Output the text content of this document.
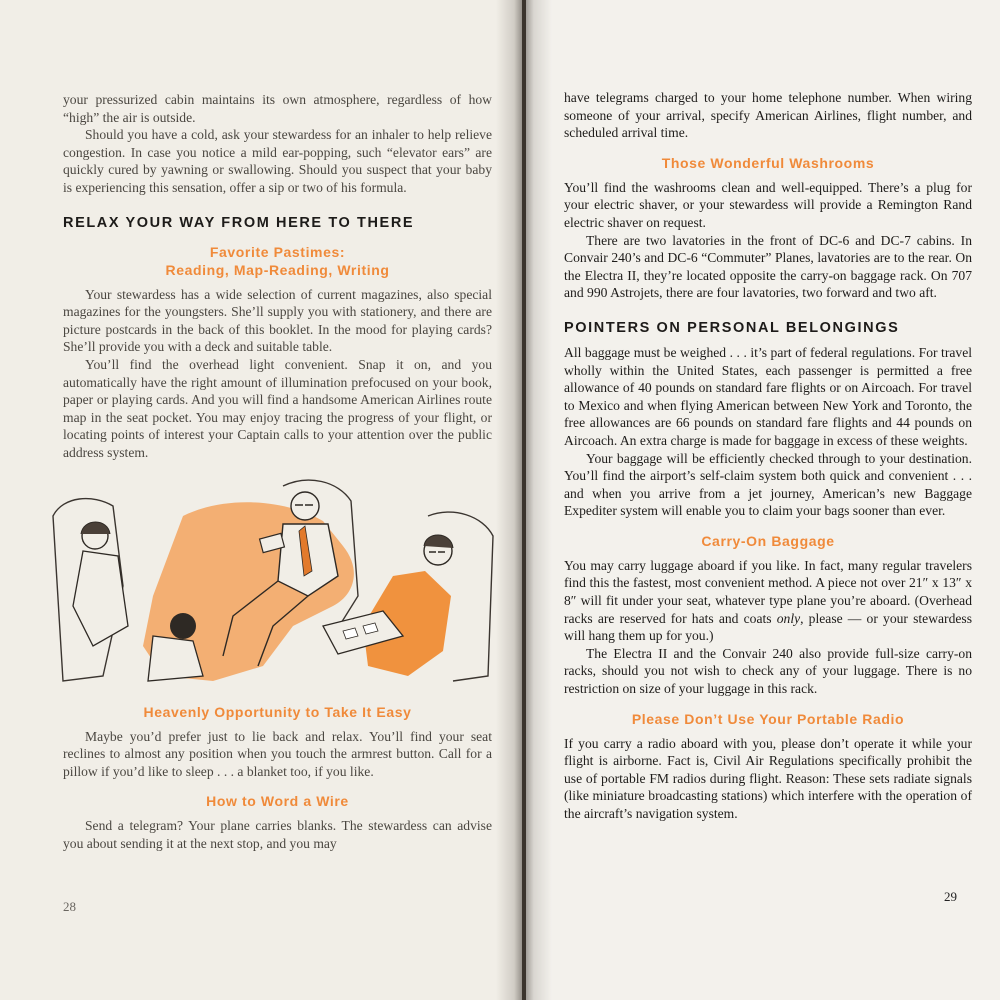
your pressurized cabin maintains its own atmosphere, regardless of how “high” the air is outside.

Should you have a cold, ask your stewardess for an inhaler to help relieve congestion. In case you notice a mild ear-popping, such “elevator ears” are quickly cured by yawning or swallowing. Should you suspect that your baby is experiencing this sensation, offer a sip or two of his formula.

RELAX YOUR WAY FROM HERE TO THERE
Favorite Pastimes:
Reading, Map-Reading, Writing

Your stewardess has a wide selection of current magazines, also special magazines for the youngsters. She’ll supply you with stationery, and there are picture postcards in the back of this booklet. In the mood for playing cards? She’ll provide you with a deck and suitable table.

You’ll find the overhead light convenient. Snap it on, and you automatically have the right amount of illumination prefocused on your book, paper or playing cards. And you will find a handsome American Airlines route map in the seat pocket. You may enjoy tracing the progress of your flight, or locating points of interest your Captain calls to your attention over the public address system.

Heavenly Opportunity to Take It Easy

Maybe you’d prefer just to lie back and relax. You’ll find your seat reclines to almost any position when you touch the armrest button. Call for a pillow if you’d like to sleep . . . a blanket too, if you like.

How to Word a Wire

Send a telegram? Your plane carries blanks. The stewardess can advise you about sending it at the next stop, and you may

28

have telegrams charged to your home telephone number. When wiring someone of your arrival, specify American Airlines, flight number, and scheduled arrival time.

Those Wonderful Washrooms

You’ll find the washrooms clean and well-equipped. There’s a plug for your electric shaver, or your stewardess will provide a Remington Rand electric shaver on request.

There are two lavatories in the front of DC-6 and DC-7 cabins. In Convair 240’s and DC-6 “Commuter” Planes, lavatories are to the rear. On the Electra II, they’re located opposite the carry-on baggage rack. On 707 and 990 Astrojets, there are four lavatories, two forward and two aft.

POINTERS ON PERSONAL BELONGINGS

All baggage must be weighed . . . it’s part of federal regulations. For travel wholly within the United States, each passenger is permitted a free allowance of 40 pounds on standard fare flights or on Aircoach. For travel to Mexico and when flying American between New York and Toronto, the free allowances are 66 pounds on standard fare flights and 44 pounds on Aircoach. An extra charge is made for baggage in excess of these weights.

Your baggage will be efficiently checked through to your destination. You’ll find the airport’s self-claim system both quick and convenient . . . and when you arrive from a jet journey, American’s new Baggage Expediter system will enable you to claim your bags sooner than ever.

Carry-On Baggage

You may carry luggage aboard if you like. In fact, many regular travelers find this the fastest, most convenient method. A piece not over 21″ x 13″ x 8″ will fit under your seat, whatever type plane you’re aboard. (Overhead racks are reserved for hats and coats only, please — or your stewardess will hang them up for you.)

The Electra II and the Convair 240 also provide full-size carry-on racks, should you not wish to check any of your luggage. There is no restriction on size of your luggage in this rack.

Please Don’t Use Your Portable Radio

If you carry a radio aboard with you, please don’t operate it while your flight is airborne. Fact is, Civil Air Regulations specifically prohibit the use of portable FM radios during flight. Reason: These sets radiate signals (like miniature broadcasting stations) which interfere with the operation of the aircraft’s navigation system.

29
